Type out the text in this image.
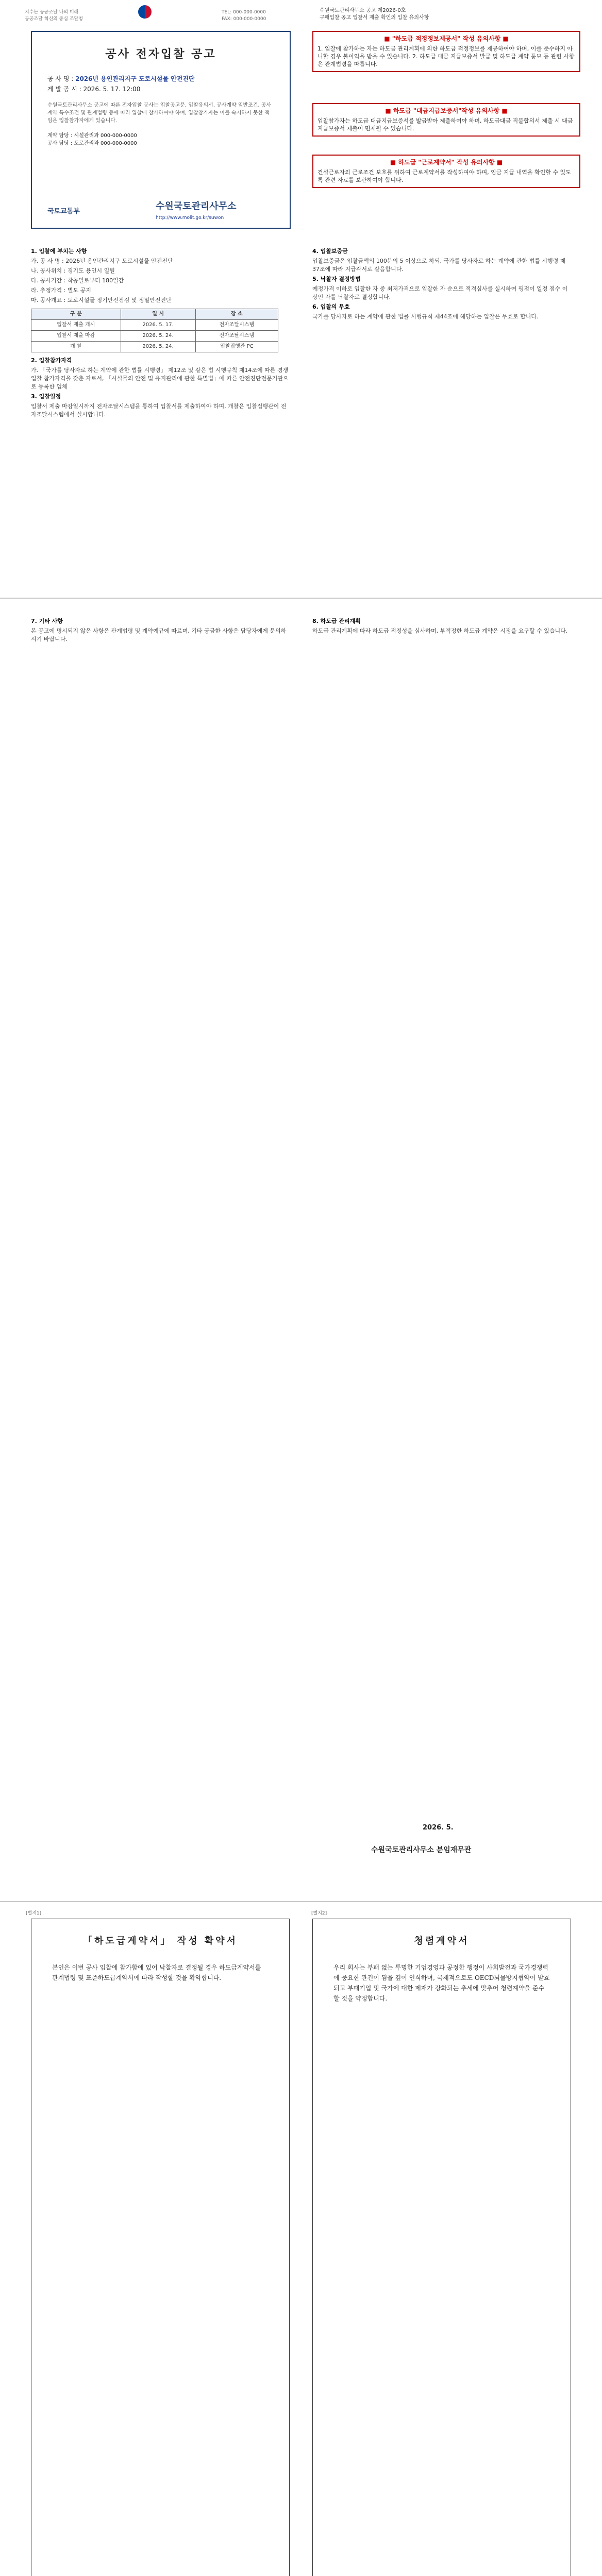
지수는 공공조달 나의 미래
공공조달 혁신의 중심 조달청
TEL: 000-000-0000
FAX: 000-000-0000
수원국토관리사무소 공고 제2026-0호
구매입찰 공고 입찰서 제출 확인의 입찰 유의사항
공사 전자입찰 공고
공 사 명 : 2026년 용인관리지구 도로시설물 안전진단
게 발 공 시 : 2026. 5. 17. 12:00
수원국토관리사무소 공고에 따른 전자입찰 공사는 입찰공고문, 입찰유의서, 공사계약 일반조건, 공사계약 특수조건 및 관계법령 등에 따라 입찰에 참가하여야 하며, 입찰참가자는 이를 숙지하지 못한 책임은 입찰참가자에게 있습니다.
계약 담당 : 시설관리과 000-000-0000
공사 담당 : 도로관리과 000-000-0000
국토교통부	수원국토관리사무소
http://www.molit.go.kr/suwon
■ "하도급 적정정보제공서" 작성 유의사항 ■
1. 입찰에 참가하는 자는 하도급 관리계획에 의한 하도급 적정정보를 제공하여야 하며, 이를 준수하지 아니할 경우 불이익을 받을 수 있습니다. 2. 하도급 대금 지급보증서 발급 및 하도급 계약 통보 등 관련 사항은 관계법령을 따릅니다.
■ 하도급 "대금지급보증서"작성 유의사항 ■
입찰참가자는 하도급 대금지급보증서를 발급받아 제출하여야 하며, 하도급대금 직불합의서 제출 시 대금지급보증서 제출이 면제될 수 있습니다.
■ 하도급 "근로계약서" 작성 유의사항 ■
건설근로자의 근로조건 보호를 위하여 근로계약서를 작성하여야 하며, 임금 지급 내역을 확인할 수 있도록 관련 자료를 보관하여야 합니다.

1. 입찰에 부치는 사항

가. 공 사 명 : 2026년 용인관리지구 도로시설물 안전진단

나. 공사위치 : 경기도 용인시 일원

다. 공사기간 : 착공일로부터 180일간

라. 추정가격 : 별도 공지

마. 공사개요 : 도로시설물 정기안전점검 및 정밀안전진단

구 분	일 시	장 소
입찰서 제출 개시	2026. 5. 17.	전자조달시스템
입찰서 제출 마감	2026. 5. 24.	전자조달시스템
개 찰	2026. 5. 24.	입찰집행관 PC

2. 입찰참가자격

가. 「국가를 당사자로 하는 계약에 관한 법률 시행령」 제12조 및 같은 법 시행규칙 제14조에 따른 경쟁입찰 참가자격을 갖춘 자로서, 「시설물의 안전 및 유지관리에 관한 특별법」에 따른 안전진단전문기관으로 등록한 업체

3. 입찰일정

입찰서 제출 마감일시까지 전자조달시스템을 통하여 입찰서를 제출하여야 하며, 개찰은 입찰집행관이 전자조달시스템에서 실시합니다.

4. 입찰보증금

입찰보증금은 입찰금액의 100분의 5 이상으로 하되, 국가를 당사자로 하는 계약에 관한 법률 시행령 제37조에 따라 지급각서로 갈음합니다.

5. 낙찰자 결정방법

예정가격 이하로 입찰한 자 중 최저가격으로 입찰한 자 순으로 적격심사를 실시하여 평점이 일정 점수 이상인 자를 낙찰자로 결정합니다.

6. 입찰의 무효

국가를 당사자로 하는 계약에 관한 법률 시행규칙 제44조에 해당하는 입찰은 무효로 합니다.

7. 기타 사항

본 공고에 명시되지 않은 사항은 관계법령 및 계약예규에 따르며, 기타 궁금한 사항은 담당자에게 문의하시기 바랍니다.

8. 하도급 관리계획

하도급 관리계획에 따라 하도급 적정성을 심사하며, 부적정한 하도급 계약은 시정을 요구할 수 있습니다.

2026. 5.
수원국토관리사무소 분임재무관
[별지1]	[별지2]
「하도급계약서」 작성 확약서
본인은 이번 공사 입찰에 참가함에 있어 낙찰자로 결정될 경우 하도급계약서를 관계법령 및 표준하도급계약서에 따라 작성할 것을 확약합니다.
청렴계약서
우리 회사는 부패 없는 투명한 기업경영과 공정한 행정이 사회발전과 국가경쟁력에 중요한 관건이 됨을 깊이 인식하며, 국제적으로도 OECD뇌물방지협약이 발효되고 부패기업 및 국가에 대한 제재가 강화되는 추세에 맞추어 청렴계약을 준수할 것을 약정합니다.
